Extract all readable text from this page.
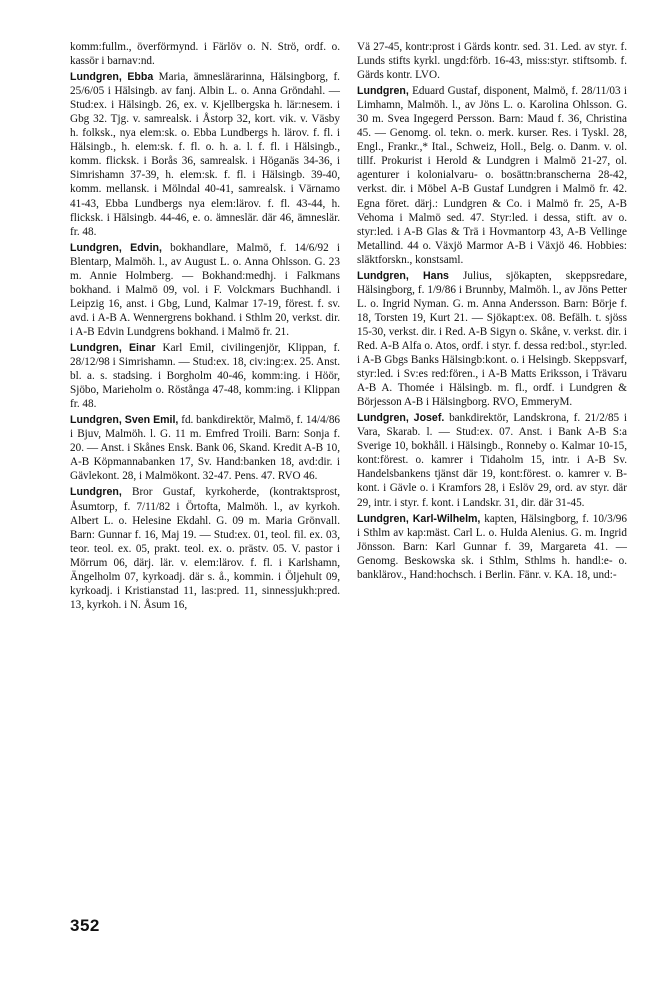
komm:fullm., överförmynd. i Färlöv o. N. Strö, ordf. o. kassör i barnav:nd.

Lundgren, Ebba Maria, ämneslärarinna, Hälsingborg, f. 25/6/05 i Hälsingb. av fanj. Albin L. o. Anna Gröndahl. — Stud:ex. i Hälsingb. 26, ex. v. Kjellbergska h. lär:nesem. i Gbg 32. Tjg. v. samrealsk. i Åstorp 32, kort. vik. v. Väsby h. folksk., nya elem:sk. o. Ebba Lundbergs h. lärov. f. fl. i Hälsingb., h. elem:sk. f. fl. o. h. a. l. f. fl. i Hälsingb., komm. flicksk. i Borås 36, samrealsk. i Höganäs 34-36, i Simrishamn 37-39, h. elem:sk. f. fl. i Hälsingb. 39-40, komm. mellansk. i Mölndal 40-41, samrealsk. i Värnamo 41-43, Ebba Lundbergs nya elem:lärov. f. fl. 43-44, h. flicksk. i Hälsingb. 44-46, e. o. ämneslär. där 46, ämneslär. fr. 48.

Lundgren, Edvin, bokhandlare, Malmö, f. 14/6/92 i Blentarp, Malmöh. l., av August L. o. Anna Ohlsson. G. 23 m. Annie Holmberg. — Bokhand:medhj. i Falkmans bokhand. i Malmö 09, vol. i F. Volckmars Buchhandl. i Leipzig 16, anst. i Gbg, Lund, Kalmar 17-19, förest. f. sv. avd. i A-B A. Wennergrens bokhand. i Sthlm 20, verkst. dir. i A-B Edvin Lundgrens bokhand. i Malmö fr. 21.

Lundgren, Einar Karl Emil, civilingenjör, Klippan, f. 28/12/98 i Simrishamn. — Stud:ex. 18, civ:ing:ex. 25. Anst. bl. a. s. stadsing. i Borgholm 40-46, komm:ing. i Höör, Sjöbo, Marieholm o. Röstånga 47-48, komm:ing. i Klippan fr. 48.

Lundgren, Sven Emil, fd. bankdirektör, Malmö, f. 14/4/86 i Bjuv, Malmöh. l. G. 11 m. Emfred Troili. Barn: Sonja f. 20. — Anst. i Skånes Ensk. Bank 06, Skand. Kredit A-B 10, A-B Köpmannabanken 17, Sv. Hand:banken 18, avd:dir. i Gävlekont. 28, i Malmökont. 32-47. Pens. 47. RVO 46.

Lundgren, Bror Gustaf, kyrkoherde, (kontraktsprost, Åsumtorp, f. 7/11/82 i Örtofta, Malmöh. l., av kyrkoh. Albert L. o. Helesine Ekdahl. G. 09 m. Maria Grönvall. Barn: Gunnar f. 16, Maj 19. — Stud:ex. 01, teol. fil. ex. 03, teor. teol. ex. 05, prakt. teol. ex. o. prästv. 05. V. pastor i Mörrum 06, därj. lär. v. elem:lärov. f. fl. i Karlshamn, Ängelholm 07, kyrkoadj. där s. å., kommin. i Öljehult 09, kyrkoadj. i Kristianstad 11, las:pred. 11, sinnessjukh:pred. 13, kyrkoh. i N. Åsum 16,

Vä 27-45, kontr:prost i Gärds kontr. sed. 31. Led. av styr. f. Lunds stifts kyrkl. ungd:förb. 16-43, miss:styr. stiftsomb. f. Gärds kontr. LVO.

Lundgren, Eduard Gustaf, disponent, Malmö, f. 28/11/03 i Limhamn, Malmöh. l., av Jöns L. o. Karolina Ohlsson. G. 30 m. Svea Ingegerd Persson. Barn: Maud f. 36, Christina 45. — Genomg. ol. tekn. o. merk. kurser. Res. i Tyskl. 28, Engl., Frankr.,* Ital., Schweiz, Holl., Belg. o. Danm. v. ol. tillf. Prokurist i Herold & Lundgren i Malmö 21-27, ol. agenturer i kolonialvaru- o. bosättn:branscherna 28-42, verkst. dir. i Möbel A-B Gustaf Lundgren i Malmö fr. 42. Egna föret. därj.: Lundgren & Co. i Malmö fr. 25, A-B Vehoma i Malmö sed. 47. Styr:led. i dessa, stift. av o. styr:led. i A-B Glas & Trä i Hovmantorp 43, A-B Vellinge Metallind. 44 o. Växjö Marmor A-B i Växjö 46. Hobbies: släktforskn., konstsaml.

Lundgren, Hans Julius, sjökapten, skeppsredare, Hälsingborg, f. 1/9/86 i Brunnby, Malmöh. l., av Jöns Petter L. o. Ingrid Nyman. G. m. Anna Andersson. Barn: Börje f. 18, Torsten 19, Kurt 21. — Sjökapt:ex. 08. Befälh. t. sjöss 15-30, verkst. dir. i Red. A-B Sigyn o. Skåne, v. verkst. dir. i Red. A-B Alfa o. Atos, ordf. i styr. f. dessa red:bol., styr:led. i A-B Gbgs Banks Hälsingb:kont. o. i Helsingb. Skeppsvarf, styr:led. i Sv:es red:fören., i A-B Matts Eriksson, i Trävaru A-B A. Thomée i Hälsingb. m. fl., ordf. i Lundgren & Börjesson A-B i Hälsingborg. RVO, EmmeryM.

Lundgren, Josef. bankdirektör, Landskrona, f. 21/2/85 i Vara, Skarab. l. — Stud:ex. 07. Anst. i Bank A-B S:a Sverige 10, bokhåll. i Hälsingb., Ronneby o. Kalmar 10-15, kont:förest. o. kamrer i Tidaholm 15, intr. i A-B Sv. Handelsbankens tjänst där 19, kont:förest. o. kamrer v. B-kont. i Gävle o. i Kramfors 28, i Eslöv 29, ord. av styr. där 29, intr. i styr. f. kont. i Landskr. 31, dir. där 31-45.

Lundgren, Karl-Wilhelm, kapten, Hälsingborg, f. 10/3/96 i Sthlm av kap:mäst. Carl L. o. Hulda Alenius. G. m. Ingrid Jönsson. Barn: Karl Gunnar f. 39, Margareta 41. — Genomg. Beskowska sk. i Sthlm, Sthlms h. handl:e- o. banklärov., Hand:hochsch. i Berlin. Fänr. v. KA. 18, und:-

352
